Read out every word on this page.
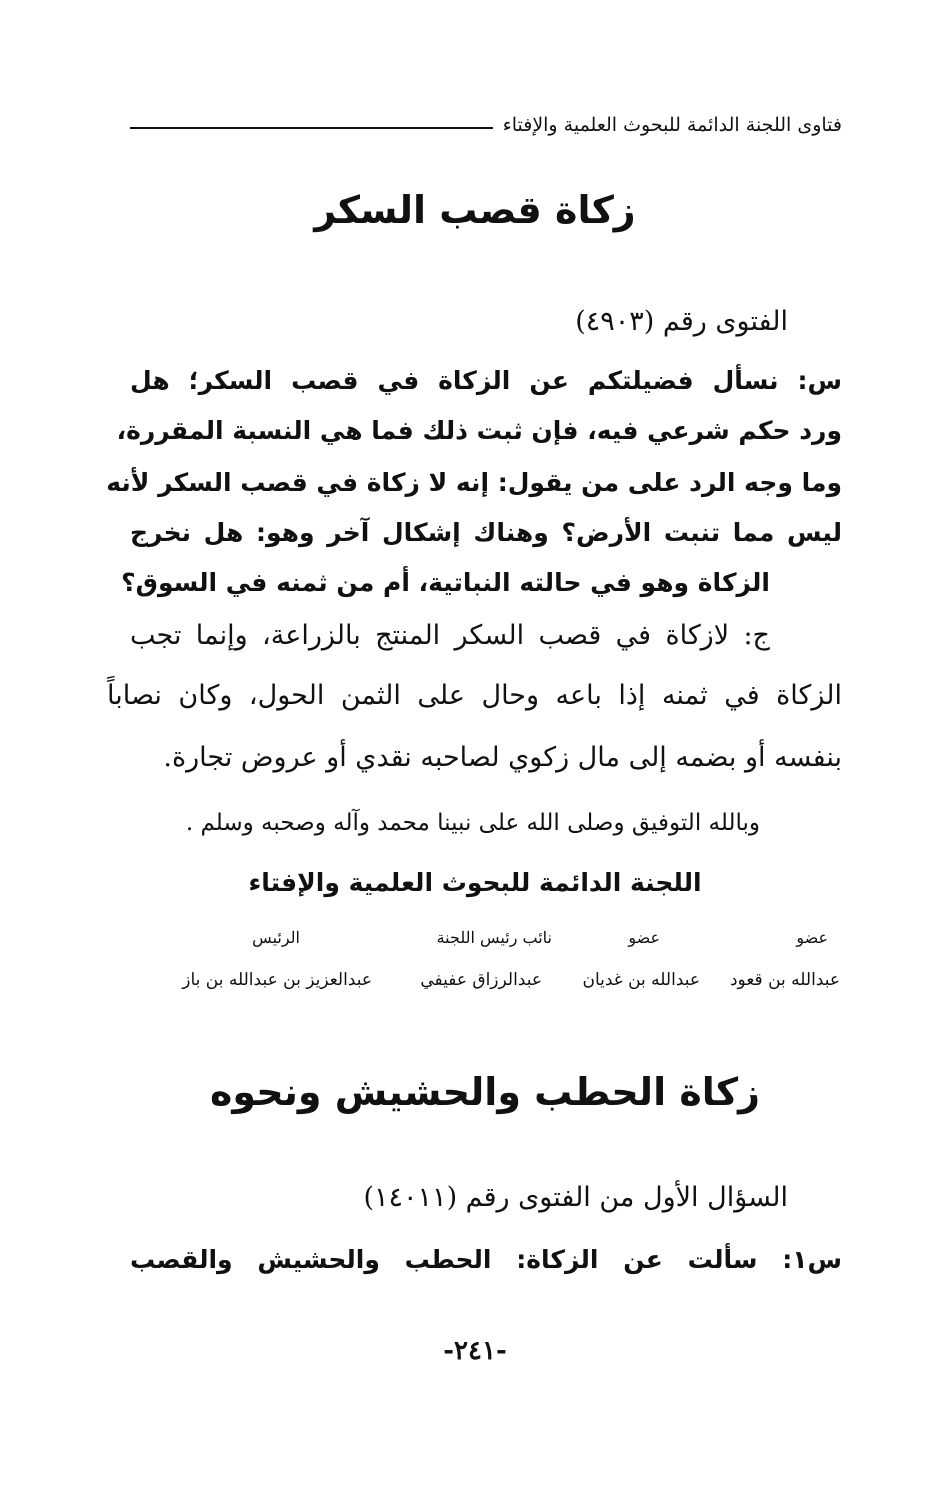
فتاوى اللجنة الدائمة للبحوث العلمية والإفتاء
زكاة قصب السكر
الفتوى رقم (٤٩٠٣)
س: نسأل فضيلتكم عن الزكاة في قصب السكر؛ هل
ورد حكم شرعي فيه، فإن ثبت ذلك فما هي النسبة المقررة،
وما وجه الرد على من يقول: إنه لا زكاة في قصب السكر لأنه
ليس مما تنبت الأرض؟ وهناك إشكال آخر وهو: هل نخرج
الزكاة وهو في حالته النباتية، أم من ثمنه في السوق؟
ج: لازكاة في قصب السكر المنتج بالزراعة، وإنما تجب
الزكاة في ثمنه إذا باعه وحال على الثمن الحول، وكان نصاباً
بنفسه أو بضمه إلى مال زكوي لصاحبه نقدي أو عروض تجارة.
وبالله التوفيق وصلى الله على نبينا محمد وآله وصحبه وسلم .
اللجنة الدائمة للبحوث العلمية والإفتاء
عضو
عضو
نائب رئيس اللجنة
الرئيس
عبدالله بن قعود
عبدالله بن غديان
عبدالرزاق عفيفي
عبدالعزيز بن عبدالله بن باز
زكاة الحطب والحشيش ونحوه
السؤال الأول من الفتوى رقم (١٤٠١١)
س١: سألت عن الزكاة: الحطب والحشيش والقصب
-٢٤١-
